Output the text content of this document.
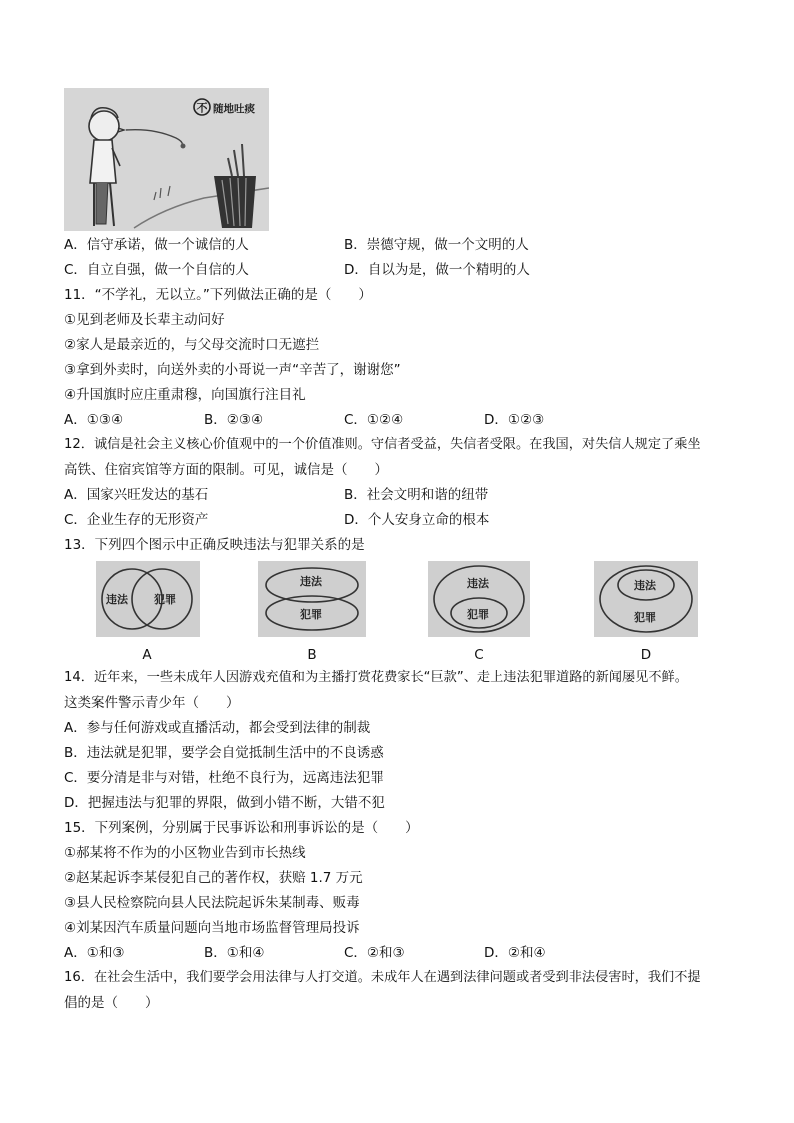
不 随地吐痰
A．信守承诺，做一个诚信的人	B．崇德守规，做一个文明的人
C．自立自强，做一个自信的人	D．自以为是，做一个精明的人
11．“不学礼，无以立。”下列做法正确的是（　　）
①见到老师及长辈主动问好
②家人是最亲近的，与父母交流时口无遮拦
③拿到外卖时，向送外卖的小哥说一声“辛苦了，谢谢您”
④升国旗时应庄重肃穆，向国旗行注目礼
A．①③④	B．②③④	C．①②④	D．①②③
12．诚信是社会主义核心价值观中的一个价值准则。守信者受益，失信者受限。在我国，对失信人规定了乘坐
高铁、住宿宾馆等方面的限制。可见，诚信是（　　）
A．国家兴旺发达的基石	B．社会文明和谐的纽带
C．企业生存的无形资产	D．个人安身立命的根本
13．下列四个图示中正确反映违法与犯罪关系的是
违法 犯罪
A
违法
犯罪
B
违法
犯罪
C
违法
犯罪
D
14．近年来，一些未成年人因游戏充值和为主播打赏花费家长“巨款”、走上违法犯罪道路的新闻屡见不鲜。
这类案件警示青少年（　　）
A．参与任何游戏或直播活动，都会受到法律的制裁
B．违法就是犯罪，要学会自觉抵制生活中的不良诱惑
C．要分清是非与对错，杜绝不良行为，远离违法犯罪
D．把握违法与犯罪的界限，做到小错不断，大错不犯
15．下列案例，分别属于民事诉讼和刑事诉讼的是（　　）
①郝某将不作为的小区物业告到市长热线
②赵某起诉李某侵犯自己的著作权，获赔 1.7 万元
③县人民检察院向县人民法院起诉朱某制毒、贩毒
④刘某因汽车质量问题向当地市场监督管理局投诉
A．①和③	B．①和④	C．②和③	D．②和④
16．在社会生活中，我们要学会用法律与人打交道。未成年人在遇到法律问题或者受到非法侵害时，我们不提
倡的是（　　）
